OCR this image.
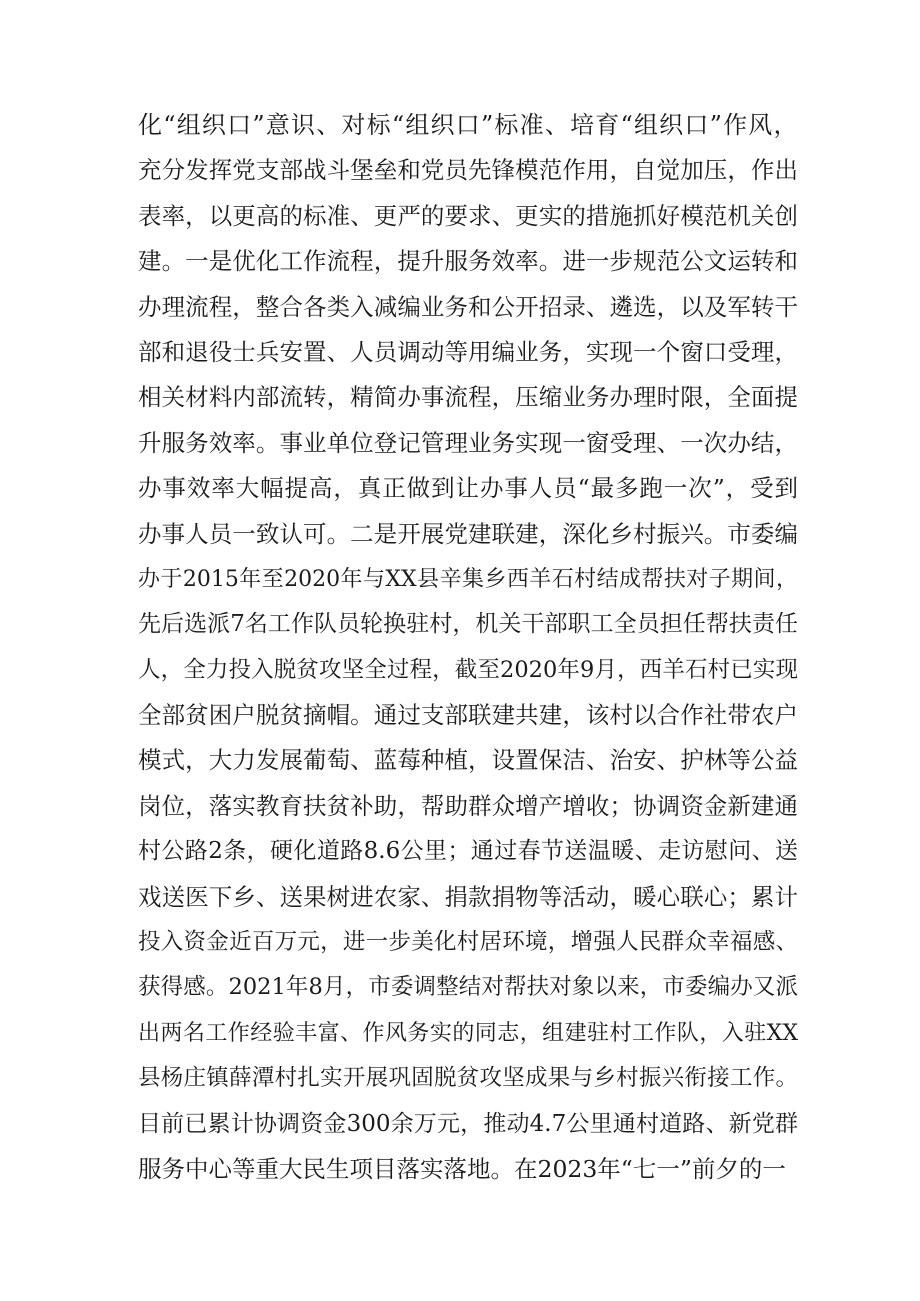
化“组织口”意识、对标“组织口”标准、培育“组织口”作风，
充分发挥党支部战斗堡垒和党员先锋模范作用，自觉加压，作出
表率，以更高的标准、更严的要求、更实的措施抓好模范机关创
建。一是优化工作流程，提升服务效率。进一步规范公文运转和
办理流程，整合各类入减编业务和公开招录、遴选，以及军转干
部和退役士兵安置、人员调动等用编业务，实现一个窗口受理，
相关材料内部流转，精简办事流程，压缩业务办理时限，全面提
升服务效率。事业单位登记管理业务实现一窗受理、一次办结，
办事效率大幅提高，真正做到让办事人员“最多跑一次”，受到
办事人员一致认可。二是开展党建联建，深化乡村振兴。市委编
办于2015年至2020年与XX县辛集乡西羊石村结成帮扶对子期间，
先后选派7名工作队员轮换驻村，机关干部职工全员担任帮扶责任
人，全力投入脱贫攻坚全过程，截至2020年9月，西羊石村已实现
全部贫困户脱贫摘帽。通过支部联建共建，该村以合作社带农户
模式，大力发展葡萄、蓝莓种植，设置保洁、治安、护林等公益
岗位，落实教育扶贫补助，帮助群众增产增收；协调资金新建通
村公路2条，硬化道路8.6公里；通过春节送温暖、走访慰问、送
戏送医下乡、送果树进农家、捐款捐物等活动，暖心联心；累计
投入资金近百万元，进一步美化村居环境，增强人民群众幸福感、
获得感。2021年8月，市委调整结对帮扶对象以来，市委编办又派
出两名工作经验丰富、作风务实的同志，组建驻村工作队，入驻XX
县杨庄镇薛潭村扎实开展巩固脱贫攻坚成果与乡村振兴衔接工作。
目前已累计协调资金300余万元，推动4.7公里通村道路、新党群
服务中心等重大民生项目落实落地。在2023年“七一”前夕的一
